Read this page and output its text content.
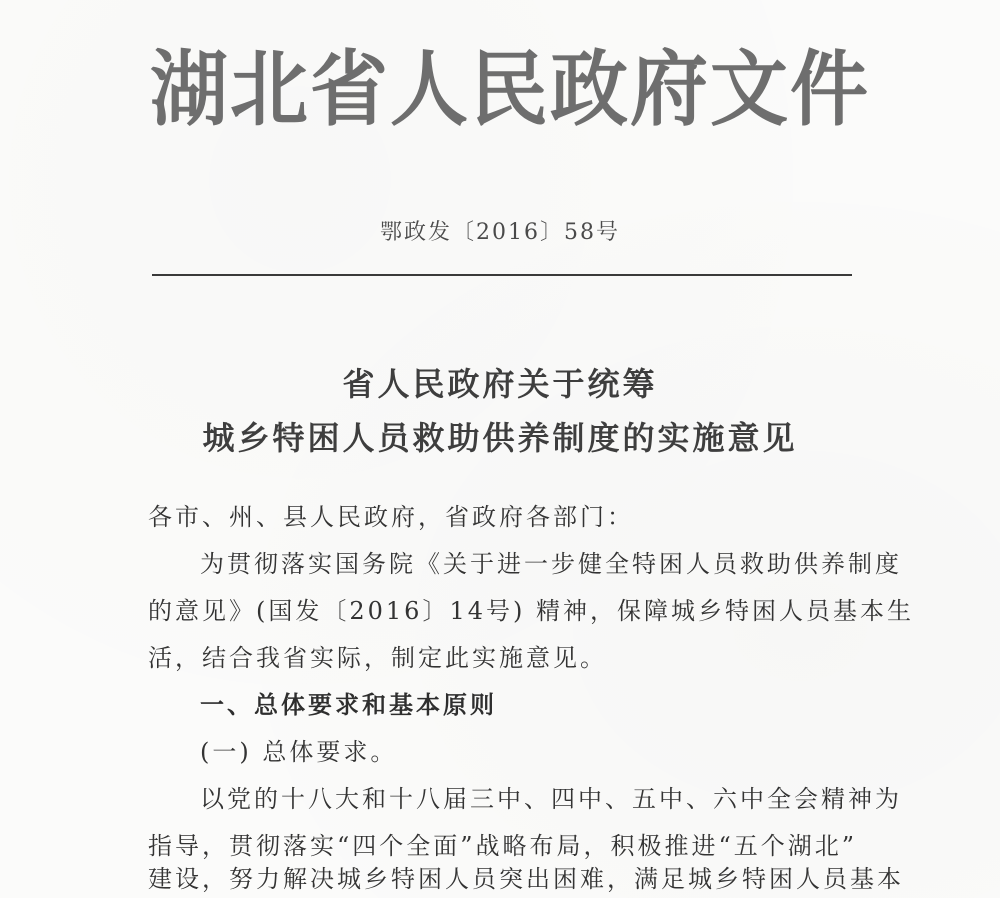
湖北省人民政府文件
鄂政发〔2016〕58号
省人民政府关于统筹
城乡特困人员救助供养制度的实施意见
各市、州、县人民政府，省政府各部门：
为贯彻落实国务院《关于进一步健全特困人员救助供养制度
的意见》(国发〔2016〕14号) 精神，保障城乡特困人员基本生
活，结合我省实际，制定此实施意见。
一、总体要求和基本原则
(一) 总体要求。
以党的十八大和十八届三中、四中、五中、六中全会精神为
指导，贯彻落实“四个全面”战略布局，积极推进“五个湖北”
建设，努力解决城乡特困人员突出困难，满足城乡特困人员基本
